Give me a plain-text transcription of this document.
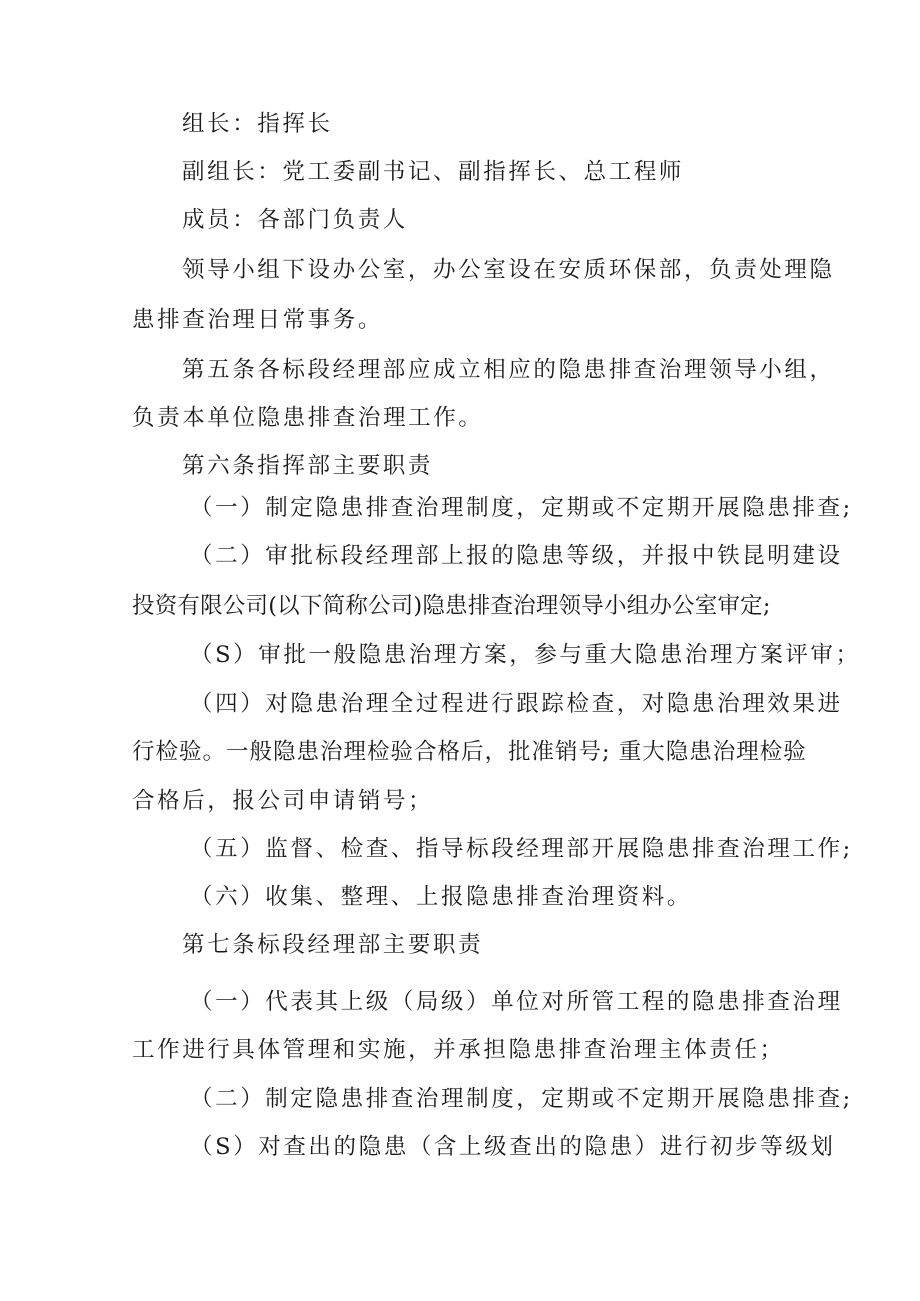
组长：指挥长
副组长：党工委副书记、副指挥长、总工程师
成员：各部门负责人
领导小组下设办公室，办公室设在安质环保部，负责处理隐
患排查治理日常事务。
第五条各标段经理部应成立相应的隐患排查治理领导小组，
负责本单位隐患排查治理工作。
第六条指挥部主要职责
（一）制定隐患排查治理制度，定期或不定期开展隐患排查;
（二）审批标段经理部上报的隐患等级，并报中铁昆明建设
投资有限公司(以下简称公司)隐患排查治理领导小组办公室审定;
（S）审批一般隐患治理方案，参与重大隐患治理方案评审；
（四）对隐患治理全过程进行跟踪检查，对隐患治理效果进
行检验。一般隐患治理检验合格后，批准销号; 重大隐患治理检验
合格后，报公司申请销号；
（五）监督、检查、指导标段经理部开展隐患排查治理工作;
（六）收集、整理、上报隐患排查治理资料。
第七条标段经理部主要职责
（一）代表其上级（局级）单位对所管工程的隐患排查治理
工作进行具体管理和实施，并承担隐患排查治理主体责任；
（二）制定隐患排查治理制度，定期或不定期开展隐患排查;
（S）对查出的隐患（含上级查出的隐患）进行初步等级划
